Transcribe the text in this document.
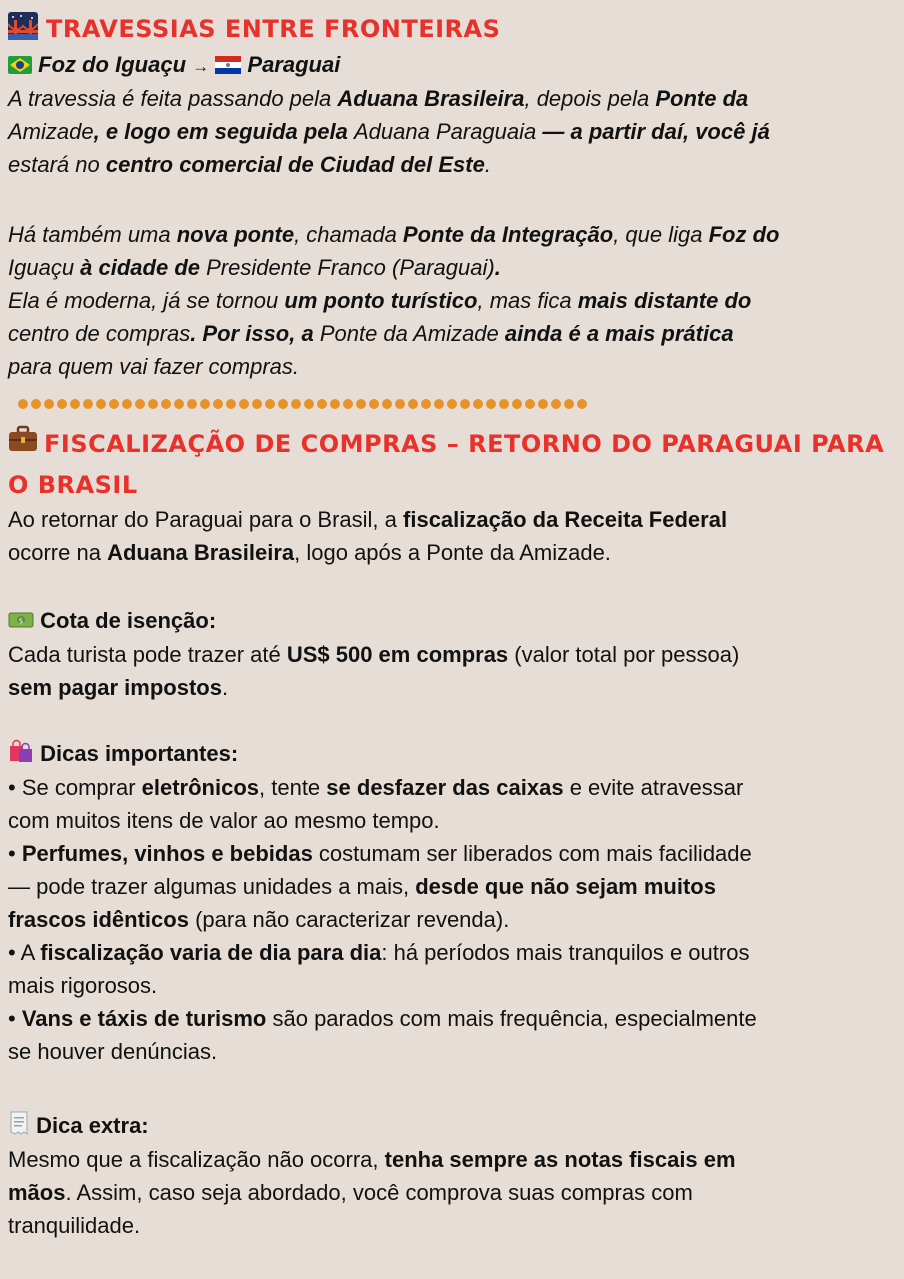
TRAVESSIAS ENTRE FRONTEIRAS
Foz do Iguaçu → Paraguai
A travessia é feita passando pela Aduana Brasileira, depois pela Ponte da
Amizade, e logo em seguida pela Aduana Paraguaia — a partir daí, você já
estará no centro comercial de Ciudad del Este.
Há também uma nova ponte, chamada Ponte da Integração, que liga Foz do
Iguaçu à cidade de Presidente Franco (Paraguai).
Ela é moderna, já se tornou um ponto turístico, mas fica mais distante do
centro de compras. Por isso, a Ponte da Amizade ainda é a mais prática
para quem vai fazer compras.
FISCALIZAÇÃO DE COMPRAS – RETORNO DO PARAGUAI PARA O BRASIL
Ao retornar do Paraguai para o Brasil, a fiscalização da Receita Federal
ocorre na Aduana Brasileira, logo após a Ponte da Amizade.
$ Cota de isenção:
Cada turista pode trazer até US$ 500 em compras (valor total por pessoa)
sem pagar impostos.
Dicas importantes:
• Se comprar eletrônicos, tente se desfazer das caixas e evite atravessar
com muitos itens de valor ao mesmo tempo.
• Perfumes, vinhos e bebidas costumam ser liberados com mais facilidade
— pode trazer algumas unidades a mais, desde que não sejam muitos
frascos idênticos (para não caracterizar revenda).
• A fiscalização varia de dia para dia: há períodos mais tranquilos e outros
mais rigorosos.
• Vans e táxis de turismo são parados com mais frequência, especialmente
se houver denúncias.
Dica extra:
Mesmo que a fiscalização não ocorra, tenha sempre as notas fiscais em
mãos. Assim, caso seja abordado, você comprova suas compras com
tranquilidade.
